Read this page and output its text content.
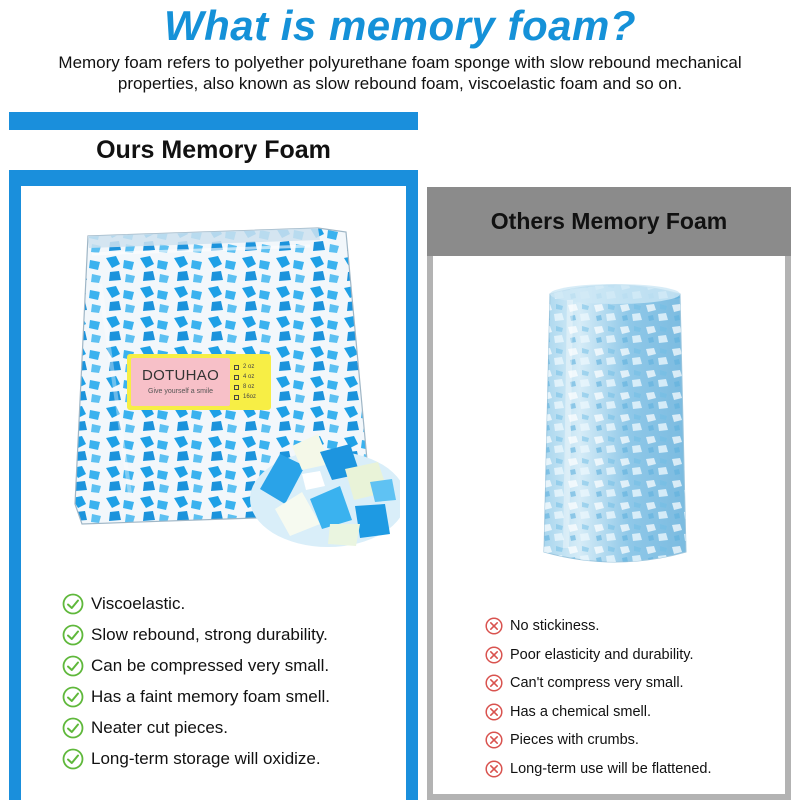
What is memory foam?

Memory foam refers to polyether polyurethane foam sponge with slow rebound mechanical properties, also known as slow rebound foam, viscoelastic foam and so on.

Ours Memory Foam
DOTUHAO
Give yourself a smile
2 oz
4 oz
8 oz
16oz
Viscoelastic.
Slow rebound, strong durability.
Can be compressed very small.
Has a faint memory foam smell.
Neater cut pieces.
Long-term storage will oxidize.
Others Memory Foam
No stickiness.
Poor elasticity and durability.
Can't compress very small.
Has a chemical smell.
Pieces with crumbs.
Long-term use will be flattened.
